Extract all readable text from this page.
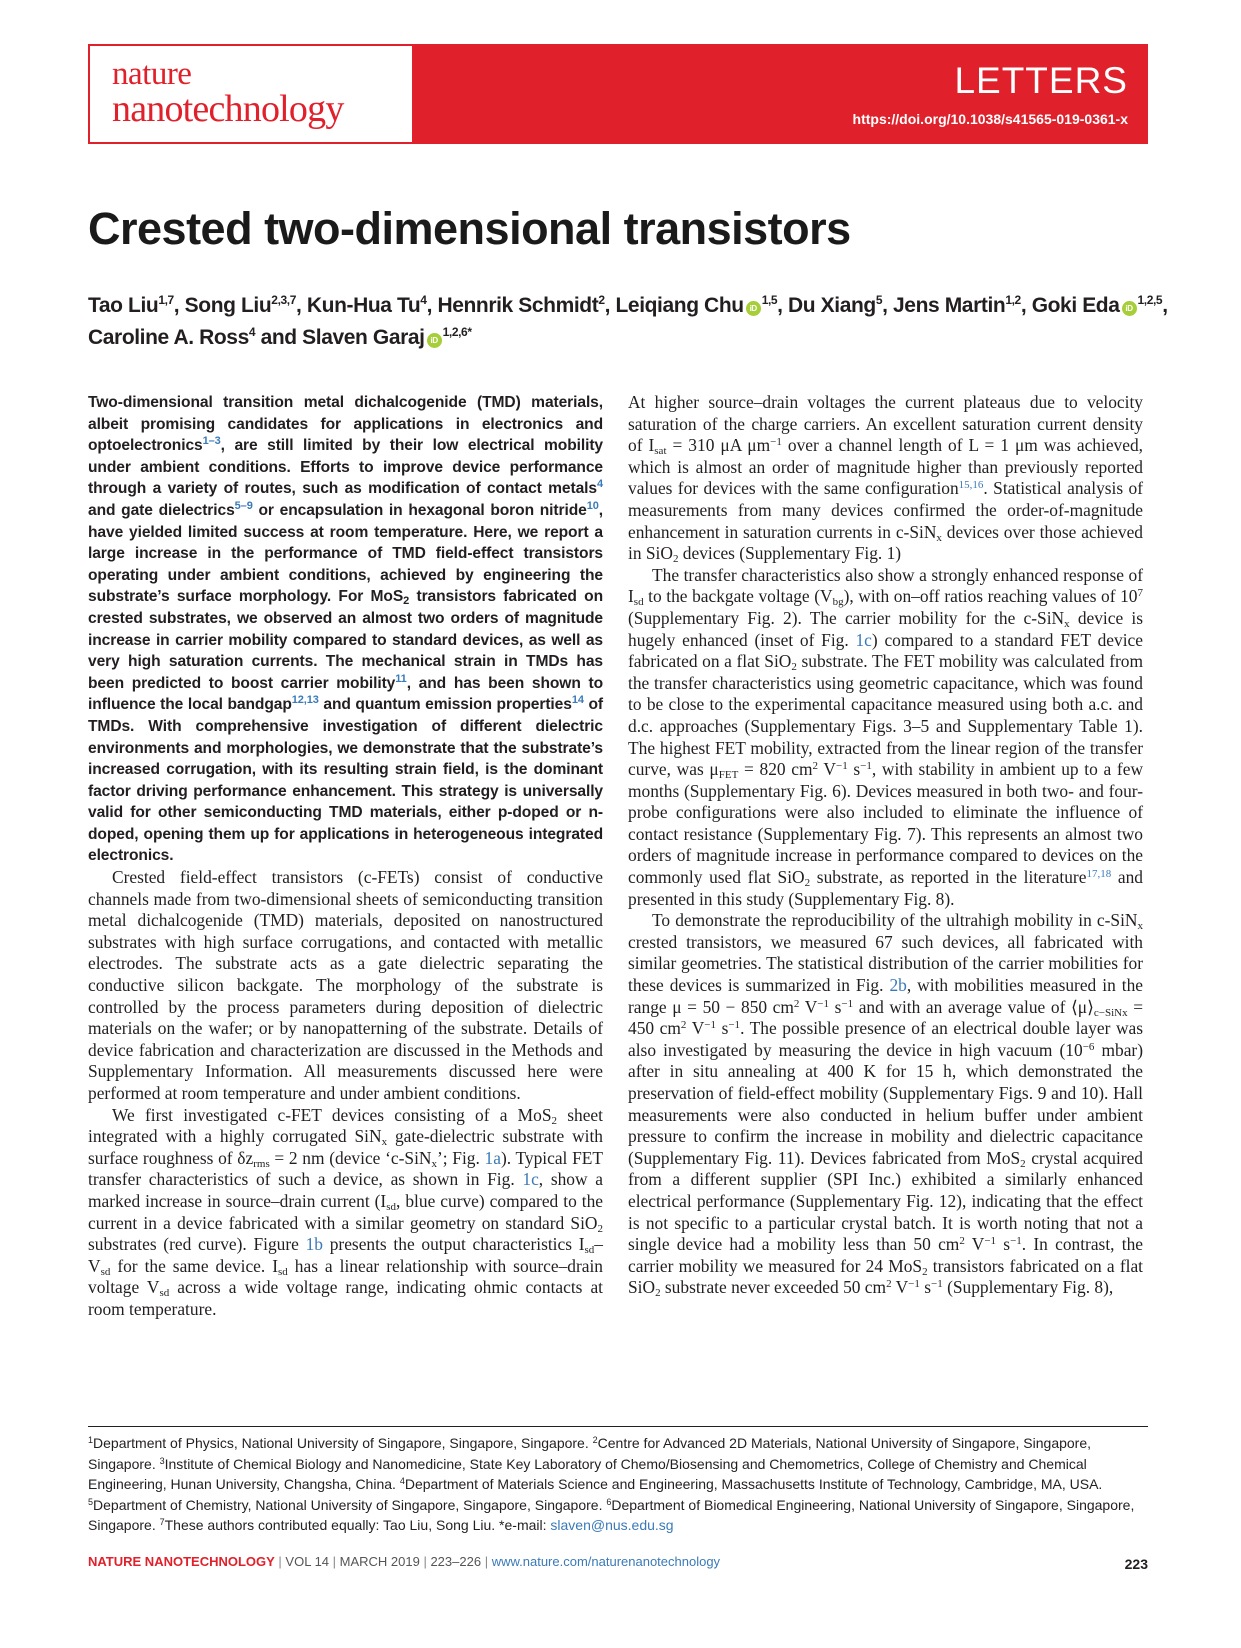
nature
nanotechnology
LETTERS
https://doi.org/10.1038/s41565-019-0361-x
Crested two-dimensional transistors
Tao Liu$^{1,7}$, Song Liu$^{2,3,7}$, Kun-Hua Tu$^4$, Hennrik Schmidt$^2$, Leiqiang Chu iD$^{1,5}$, Du Xiang$^5$, Jens Martin$^{1,2}$, Goki Eda iD$^{1,2,5}$, Caroline A. Ross$^4$ and Slaven Garaj $iD^{1,2,6*}$

Two-dimensional transition metal dichalcogenide (TMD) materials, albeit promising candidates for applications in electronics and optoelectronics$^{1-3}$, are still limited by their low electrical mobility under ambient conditions. Efforts to improve device performance through a variety of routes, such as modification of contact metals$^4$ and gate dielectrics$^{5-9}$ or encapsulation in hexagonal boron nitride$^{10}$, have yielded limited success at room temperature. Here, we report a large increase in the performance of TMD field-effect transistors operating under ambient conditions, achieved by engineering the substrate’s surface morphology. For MoS$_2$ transistors fabricated on crested substrates, we observed an almost two orders of magnitude increase in carrier mobility compared to standard devices, as well as very high saturation currents. The mechanical strain in TMDs has been predicted to boost carrier mobility$^{11}$, and has been shown to influence the local bandgap$^{12,13}$ and quantum emission properties$^{14}$ of TMDs. With comprehensive investigation of different dielectric environments and morphologies, we demonstrate that the substrate’s increased corrugation, with its resulting strain field, is the dominant factor driving performance enhancement. This strategy is universally valid for other semiconducting TMD materials, either p-doped or n-doped, opening them up for applications in heterogeneous integrated electronics.

Crested field-effect transistors (c-FETs) consist of conductive channels made from two-dimensional sheets of semiconducting transition metal dichalcogenide (TMD) materials, deposited on nanostructured substrates with high surface corrugations, and contacted with metallic electrodes. The substrate acts as a gate dielectric separating the conductive silicon backgate. The morphology of the substrate is controlled by the process parameters during deposition of dielectric materials on the wafer; or by nanopatterning of the substrate. Details of device fabrication and characterization are discussed in the Methods and Supplementary Information. All measurements discussed here were performed at room temperature and under ambient conditions.

We first investigated c-FET devices consisting of a MoS$_2$ sheet integrated with a highly corrugated SiN$_x$ gate-dielectric substrate with surface roughness of $\delta z_{rms} = 2$ nm (device ‘c-SiN$_x$’; Fig. 1a). Typical FET transfer characteristics of such a device, as shown in Fig. 1c, show a marked increase in source–drain current ($I_{sd}$, blue curve) compared to the current in a device fabricated with a similar geometry on standard SiO$_2$ substrates (red curve). Figure 1b presents the output characteristics $I_{sd}-V_{sd}$ for the same device. $I_{sd}$ has a linear relationship with source–drain voltage $V_{sd}$ across a wide voltage range, indicating ohmic contacts at room temperature.

At higher source–drain voltages the current plateaus due to velocity saturation of the charge carriers. An excellent saturation current density of $I_{sat} = 310$ μA $\mu m^{-1}$ over a channel length of L = 1 μm was achieved, which is almost an order of magnitude higher than previously reported values for devices with the same configuration$^{15,16}$. Statistical analysis of measurements from many devices confirmed the order-of-magnitude enhancement in saturation currents in c-SiN$_x$ devices over those achieved in SiO$_2$ devices (Supplementary Fig. 1)

The transfer characteristics also show a strongly enhanced response of $I_{sd}$ to the backgate voltage $(V_{bg})$, with on–off ratios reaching values of $10^7$ (Supplementary Fig. 2). The carrier mobility for the c-SiN$_x$ device is hugely enhanced (inset of Fig. 1c) compared to a standard FET device fabricated on a flat SiO$_2$ substrate. The FET mobility was calculated from the transfer characteristics using geometric capacitance, which was found to be close to the experimental capacitance measured using both a.c. and d.c. approaches (Supplementary Figs. 3–5 and Supplementary Table 1). The highest FET mobility, extracted from the linear region of the transfer curve, was $\mu_{FET} = 820$ $cm^2$ $V^{-1}$ $s^{-1}$, with stability in ambient up to a few months (Supplementary Fig. 6). Devices measured in both two- and four-probe configurations were also included to eliminate the influence of contact resistance (Supplementary Fig. 7). This represents an almost two orders of magnitude increase in performance compared to devices on the commonly used flat SiO$_2$ substrate, as reported in the literature$^{17,18}$ and presented in this study (Supplementary Fig. 8).

To demonstrate the reproducibility of the ultrahigh mobility in c-SiN$_x$ crested transistors, we measured 67 such devices, all fabricated with similar geometries. The statistical distribution of the carrier mobilities for these devices is summarized in Fig. 2b, with mobilities measured in the range μ = 50 − 850 $cm^2$ $V^{-1}$ $s^{-1}$ and with an average value of $⟨\mu⟩_{c-SiNx} = 450$ $cm^2$ $V^{-1}$ $s^{-1}$. The possible presence of an electrical double layer was also investigated by measuring the device in high vacuum ($10^{-6}$ mbar) after in situ annealing at 400 K for 15 h, which demonstrated the preservation of field-effect mobility (Supplementary Figs. 9 and 10). Hall measurements were also conducted in helium buffer under ambient pressure to confirm the increase in mobility and dielectric capacitance (Supplementary Fig. 11). Devices fabricated from MoS$_2$ crystal acquired from a different supplier (SPI Inc.) exhibited a similarly enhanced electrical performance (Supplementary Fig. 12), indicating that the effect is not specific to a particular crystal batch. It is worth noting that not a single device had a mobility less than 50 $cm^2$ $V^{-1}$ $s^{-1}$. In contrast, the carrier mobility we measured for 24 MoS$_2$ transistors fabricated on a flat SiO$_2$ substrate never exceeded 50 $cm^2$ $V^{-1}$ $s^{-1}$ (Supplementary Fig. 8),

$^1$Department of Physics, National University of Singapore, Singapore, Singapore. $^2$Centre for Advanced 2D Materials, National University of Singapore, Singapore, Singapore. $^3$Institute of Chemical Biology and Nanomedicine, State Key Laboratory of Chemo/Biosensing and Chemometrics, College of Chemistry and Chemical Engineering, Hunan University, Changsha, China. $^4$Department of Materials Science and Engineering, Massachusetts Institute of Technology, Cambridge, MA, USA. $^5$Department of Chemistry, National University of Singapore, Singapore, Singapore. $^6$Department of Biomedical Engineering, National University of Singapore, Singapore, Singapore. $^7$These authors contributed equally: Tao Liu, Song Liu. *e-mail: slaven@nus.edu.sg
NATURE NANOTECHNOLOGY | VOL 14 | MARCH 2019 | 223–226 | www.nature.com/naturenanotechnology	223
